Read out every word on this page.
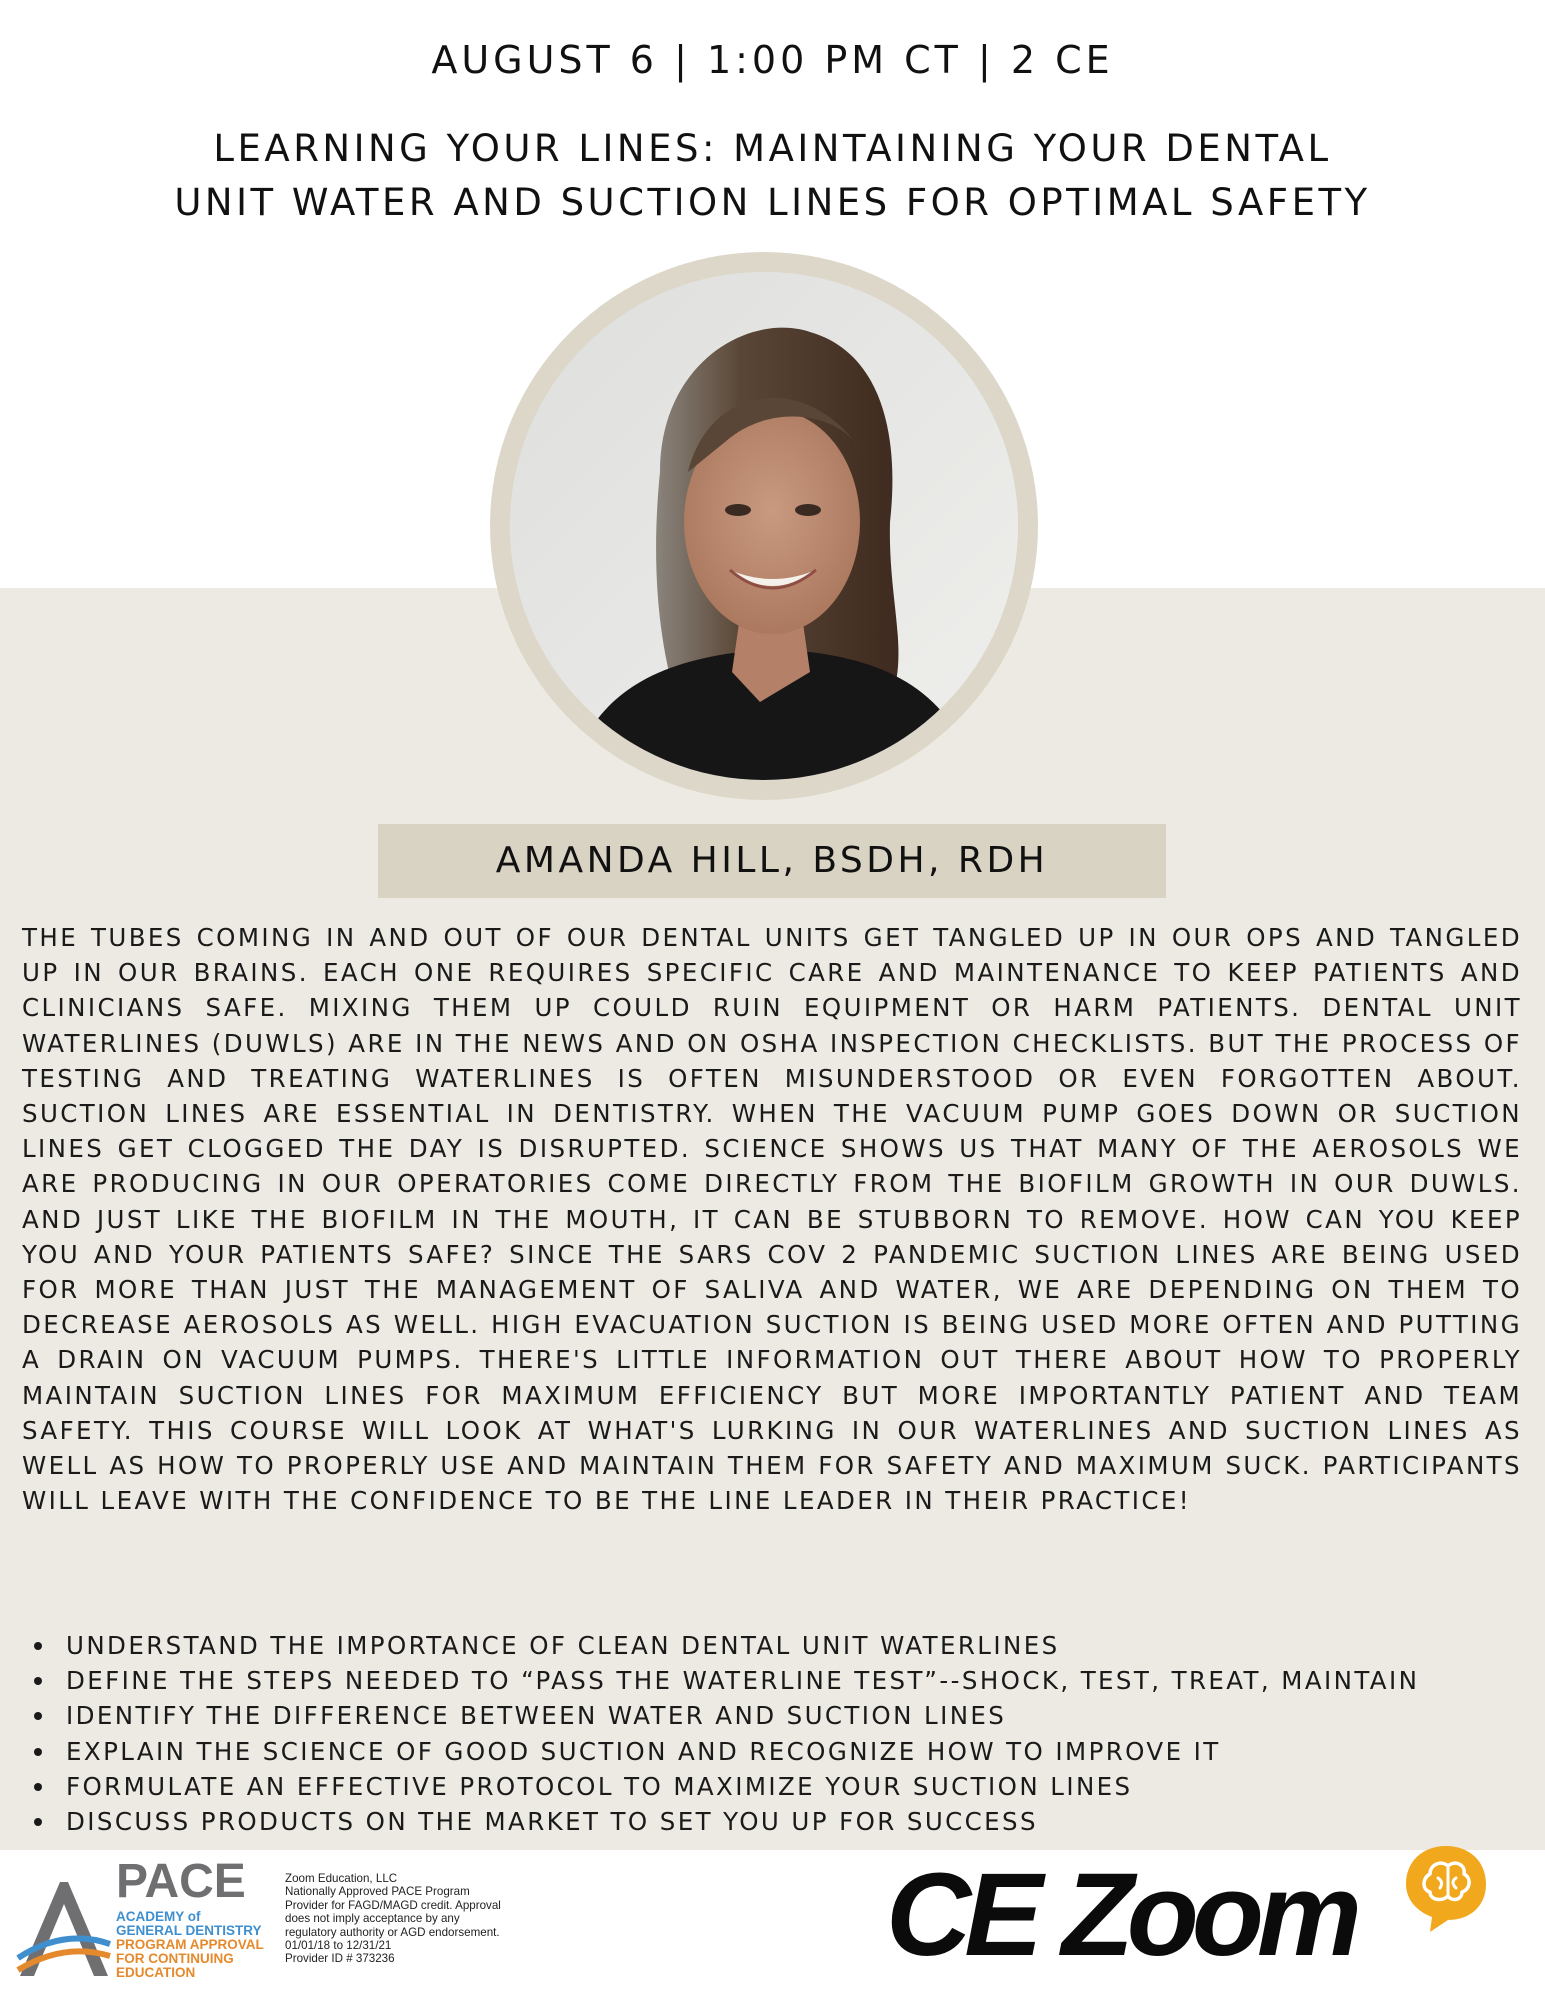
AUGUST 6 | 1:00 PM CT | 2 CE
LEARNING YOUR LINES: MAINTAINING YOUR DENTAL
UNIT WATER AND SUCTION LINES FOR OPTIMAL SAFETY
AMANDA HILL, BSDH, RDH

THE TUBES COMING IN AND OUT OF OUR DENTAL UNITS GET TANGLED UP IN OUR OPS AND TANGLED UP IN OUR BRAINS. EACH ONE REQUIRES SPECIFIC CARE AND MAINTENANCE TO KEEP PATIENTS AND CLINICIANS SAFE. MIXING THEM UP COULD RUIN EQUIPMENT OR HARM PATIENTS. DENTAL UNIT WATERLINES (DUWLS) ARE IN THE NEWS AND ON OSHA INSPECTION CHECKLISTS. BUT THE PROCESS OF TESTING AND TREATING WATERLINES IS OFTEN MISUNDERSTOOD OR EVEN FORGOTTEN ABOUT. SUCTION LINES ARE ESSENTIAL IN DENTISTRY. WHEN THE VACUUM PUMP GOES DOWN OR SUCTION LINES GET CLOGGED THE DAY IS DISRUPTED. SCIENCE SHOWS US THAT MANY OF THE AEROSOLS WE ARE PRODUCING IN OUR OPERATORIES COME DIRECTLY FROM THE BIOFILM GROWTH IN OUR DUWLS. AND JUST LIKE THE BIOFILM IN THE MOUTH, IT CAN BE STUBBORN TO REMOVE. HOW CAN YOU KEEP YOU AND YOUR PATIENTS SAFE? SINCE THE SARS COV 2 PANDEMIC SUCTION LINES ARE BEING USED FOR MORE THAN JUST THE MANAGEMENT OF SALIVA AND WATER, WE ARE DEPENDING ON THEM TO DECREASE AEROSOLS AS WELL. HIGH EVACUATION SUCTION IS BEING USED MORE OFTEN AND PUTTING A DRAIN ON VACUUM PUMPS. THERE'S LITTLE INFORMATION OUT THERE ABOUT HOW TO PROPERLY MAINTAIN SUCTION LINES FOR MAXIMUM EFFICIENCY BUT MORE IMPORTANTLY PATIENT AND TEAM SAFETY. THIS COURSE WILL LOOK AT WHAT'S LURKING IN OUR WATERLINES AND SUCTION LINES AS WELL AS HOW TO PROPERLY USE AND MAINTAIN THEM FOR SAFETY AND MAXIMUM SUCK. PARTICIPANTS WILL LEAVE WITH THE CONFIDENCE TO BE THE LINE LEADER IN THEIR PRACTICE!

UNDERSTAND THE IMPORTANCE OF CLEAN DENTAL UNIT WATERLINES
DEFINE THE STEPS NEEDED TO “PASS THE WATERLINE TEST”--SHOCK, TEST, TREAT, MAINTAIN
IDENTIFY THE DIFFERENCE BETWEEN WATER AND SUCTION LINES
EXPLAIN THE SCIENCE OF GOOD SUCTION AND RECOGNIZE HOW TO IMPROVE IT
FORMULATE AN EFFECTIVE PROTOCOL TO MAXIMIZE YOUR SUCTION LINES
DISCUSS PRODUCTS ON THE MARKET TO SET YOU UP FOR SUCCESS
PACE
ACADEMY of
GENERAL DENTISTRY
PROGRAM APPROVAL
FOR CONTINUING
EDUCATION

Zoom Education, LLC
Nationally Approved PACE Program
Provider for FAGD/MAGD credit. Approval
does not imply acceptance by any
regulatory authority or AGD endorsement.
01/01/18 to 12/31/21
Provider ID # 373236	CE Zoom
